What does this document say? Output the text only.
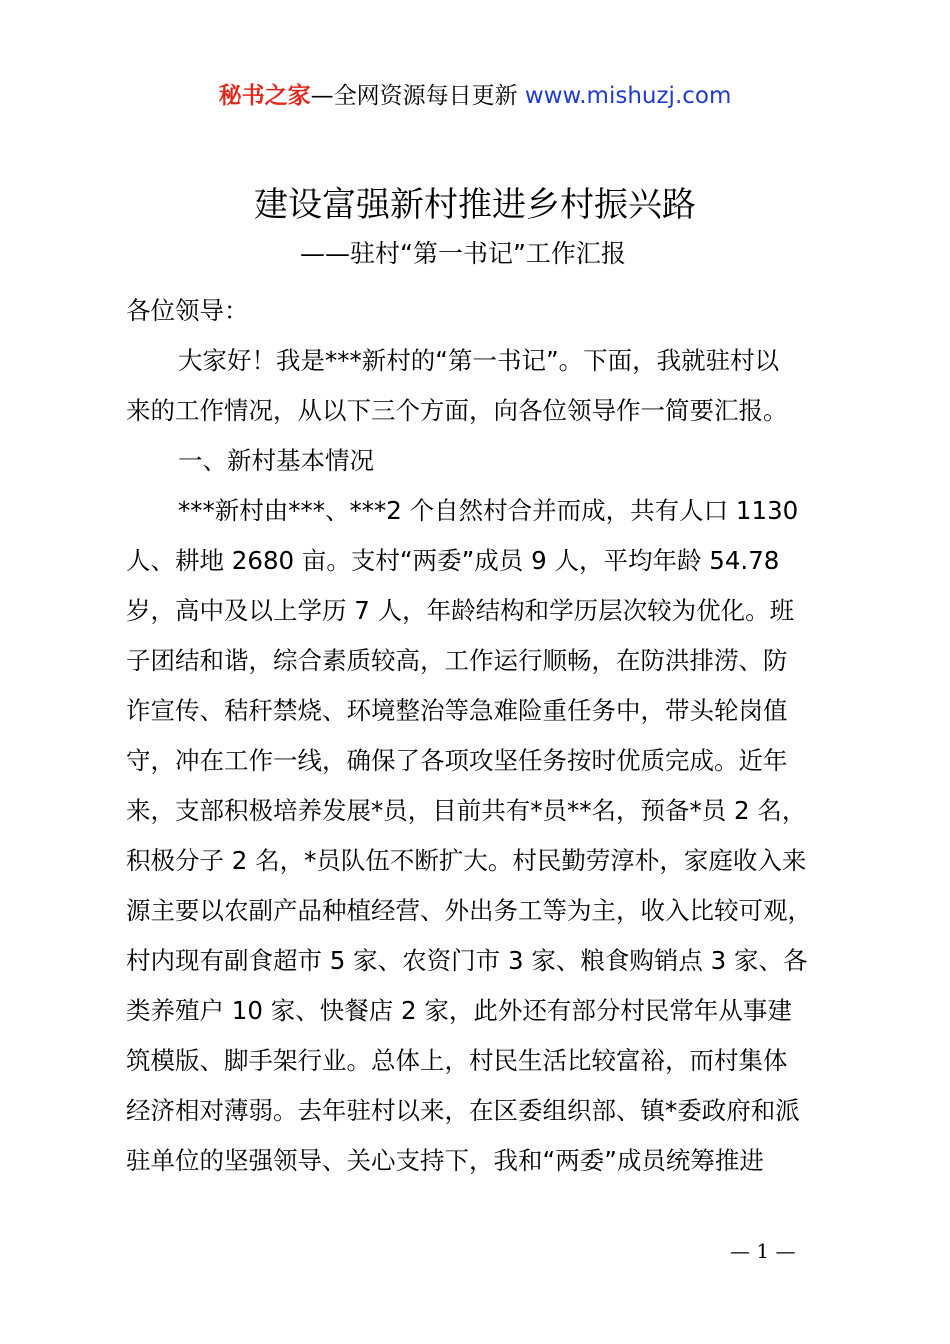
秘书之家—全网资源每日更新 www.mishuzj.com
建设富强新村推进乡村振兴路
——驻村“第一书记”工作汇报
各位领导：
大家好！我是***新村的“第一书记”。下面，我就驻村以
来的工作情况，从以下三个方面，向各位领导作一简要汇报。
一、新村基本情况
***新村由***、***2 个自然村合并而成，共有人口 1130
人、耕地 2680 亩。支村“两委”成员 9 人，平均年龄 54.78
岁，高中及以上学历 7 人，年龄结构和学历层次较为优化。班
子团结和谐，综合素质较高，工作运行顺畅，在防洪排涝、防
诈宣传、秸秆禁烧、环境整治等急难险重任务中，带头轮岗值
守，冲在工作一线，确保了各项攻坚任务按时优质完成。近年
来，支部积极培养发展*员，目前共有*员**名，预备*员 2 名，
积极分子 2 名，*员队伍不断扩大。村民勤劳淳朴，家庭收入来
源主要以农副产品种植经营、外出务工等为主，收入比较可观，
村内现有副食超市 5 家、农资门市 3 家、粮食购销点 3 家、各
类养殖户 10 家、快餐店 2 家，此外还有部分村民常年从事建
筑模版、脚手架行业。总体上，村民生活比较富裕，而村集体
经济相对薄弱。去年驻村以来，在区委组织部、镇*委政府和派
驻单位的坚强领导、关心支持下，我和“两委”成员统筹推进
— 1 —
